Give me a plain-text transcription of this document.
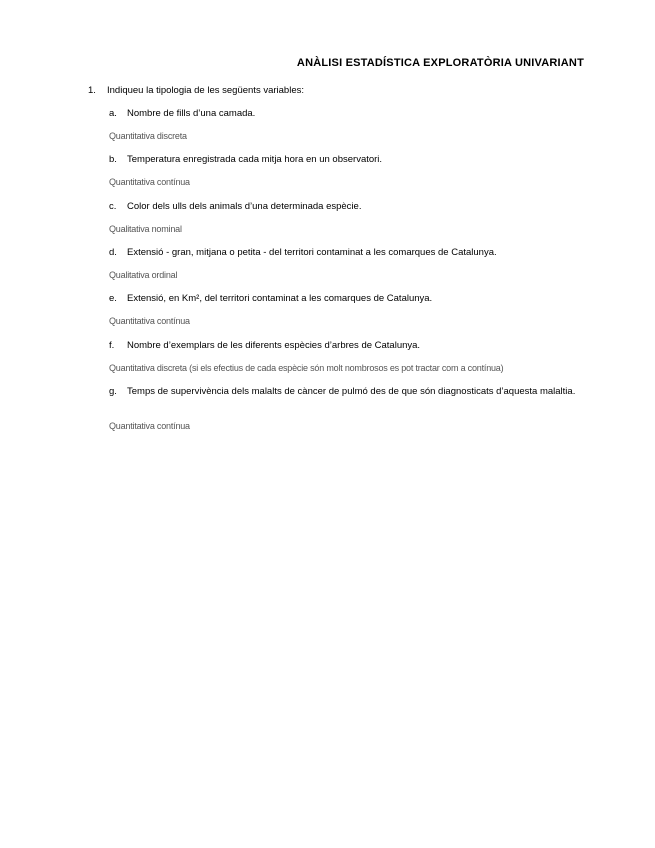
ANÀLISI ESTADÍSTICA EXPLORATÒRIA UNIVARIANT
1. Indiqueu la tipologia de les següents variables:
a.	Nombre de fills d’una camada.
Quantitativa discreta
b.	Temperatura enregistrada cada mitja hora en un observatori.
Quantitativa contínua
c.	Color dels ulls dels animals d’una determinada espècie.
Qualitativa nominal
d.	Extensió - gran, mitjana o petita - del territori contaminat a les comarques de Catalunya.
Qualitativa ordinal
e.	Extensió, en Km², del territori contaminat a les comarques de Catalunya.
Quantitativa contínua
f.	Nombre d’exemplars de les diferents espècies d’arbres de Catalunya.
Quantitativa discreta (si els efectius de cada espècie són molt nombrosos es pot tractar com a contínua)
g.	Temps de supervivència dels malalts de càncer de pulmó des de que són diagnosticats d’aquesta malaltia.
Quantitativa contínua
